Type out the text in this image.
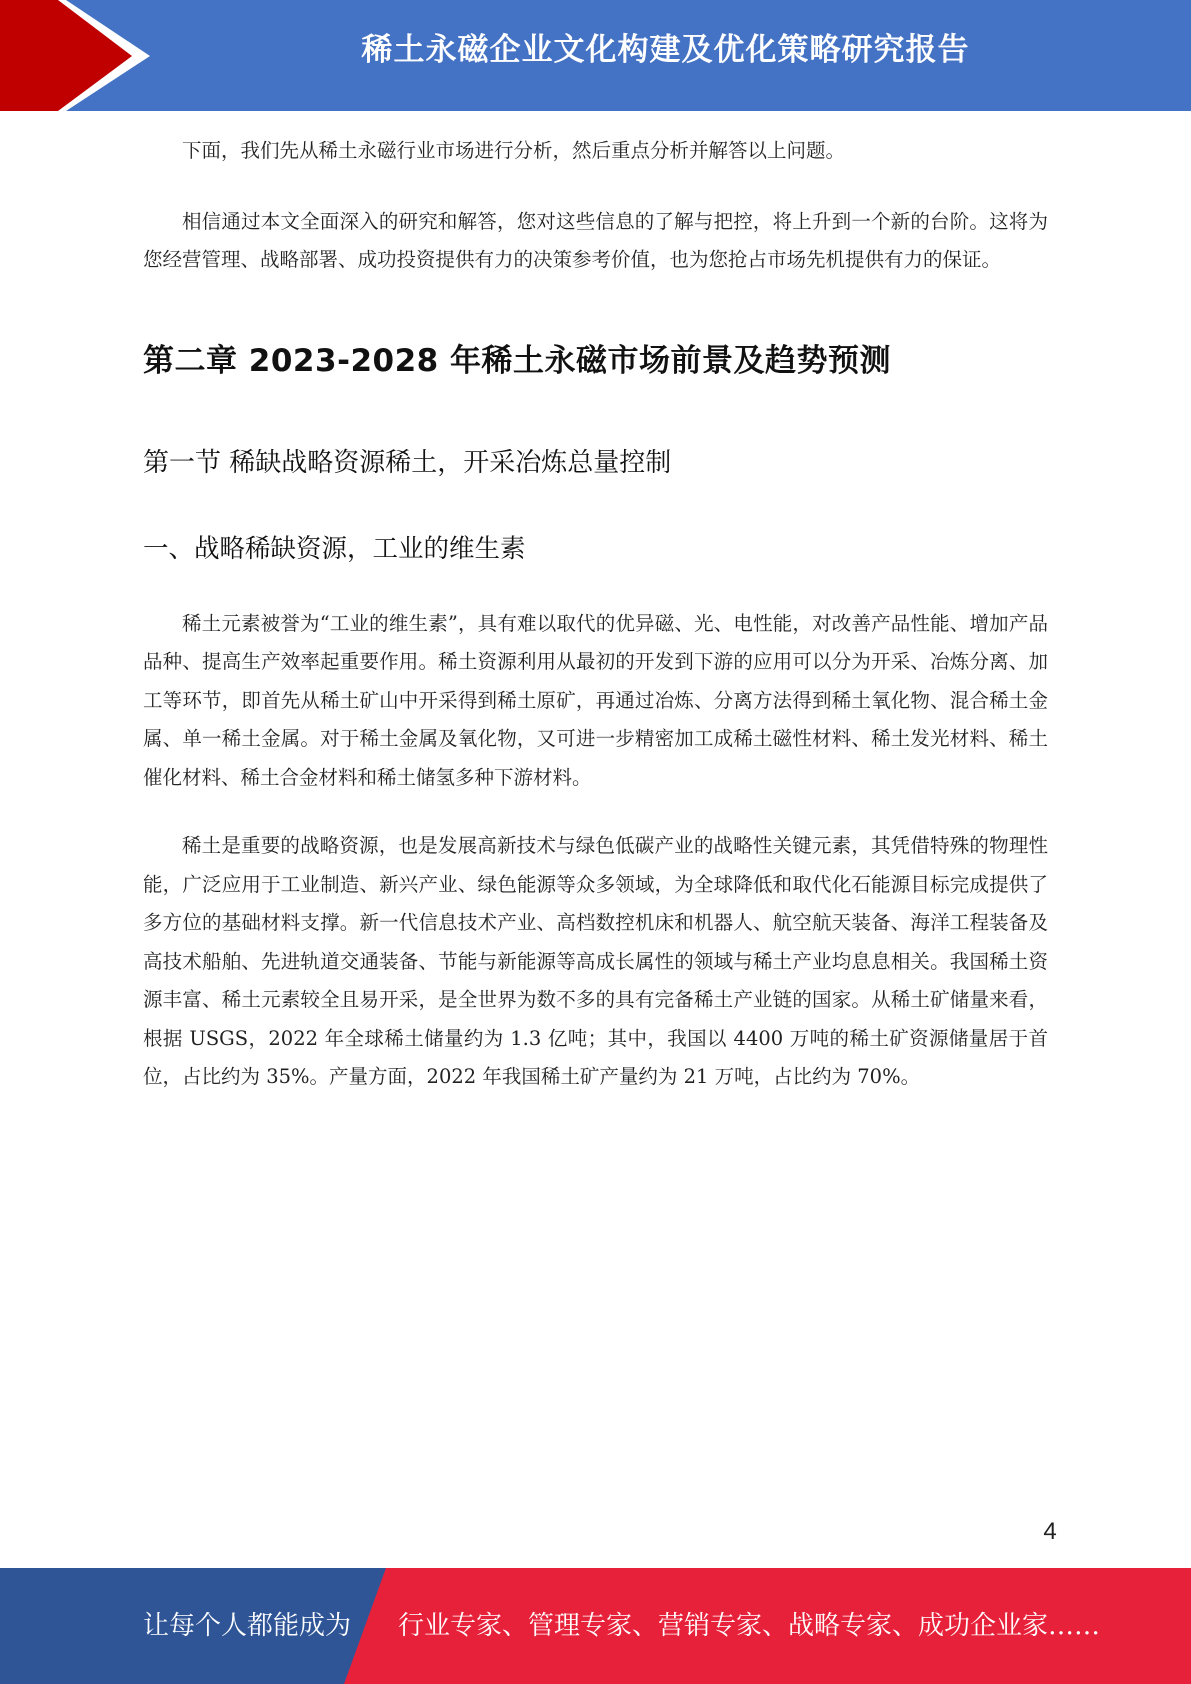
稀土永磁企业文化构建及优化策略研究报告

下面，我们先从稀土永磁行业市场进行分析，然后重点分析并解答以上问题。

相信通过本文全面深入的研究和解答，您对这些信息的了解与把控，将上升到一个新的台阶。这将为您经营管理、战略部署、成功投资提供有力的决策参考价值，也为您抢占市场先机提供有力的保证。

第二章 2023-2028 年稀土永磁市场前景及趋势预测
第一节 稀缺战略资源稀土，开采冶炼总量控制
一、战略稀缺资源，工业的维生素

稀土元素被誉为“工业的维生素”，具有难以取代的优异磁、光、电性能，对改善产品性能、增加产品品种、提高生产效率起重要作用。稀土资源利用从最初的开发到下游的应用可以分为开采、冶炼分离、加工等环节，即首先从稀土矿山中开采得到稀土原矿，再通过冶炼、分离方法得到稀土氧化物、混合稀土金属、单一稀土金属。对于稀土金属及氧化物，又可进一步精密加工成稀土磁性材料、稀土发光材料、稀土催化材料、稀土合金材料和稀土储氢多种下游材料。

稀土是重要的战略资源，也是发展高新技术与绿色低碳产业的战略性关键元素，其凭借特殊的物理性能，广泛应用于工业制造、新兴产业、绿色能源等众多领域，为全球降低和取代化石能源目标完成提供了多方位的基础材料支撑。新一代信息技术产业、高档数控机床和机器人、航空航天装备、海洋工程装备及高技术船舶、先进轨道交通装备、节能与新能源等高成长属性的领域与稀土产业均息息相关。我国稀土资源丰富、稀土元素较全且易开采，是全世界为数不多的具有完备稀土产业链的国家。从稀土矿储量来看，根据 USGS，2022 年全球稀土储量约为 1.3 亿吨；其中，我国以 4400 万吨的稀土矿资源储量居于首位，占比约为 35%。产量方面，2022 年我国稀土矿产量约为 21 万吨，占比约为 70%。

4
让每个人都能成为 行业专家、管理专家、营销专家、战略专家、成功企业家……
